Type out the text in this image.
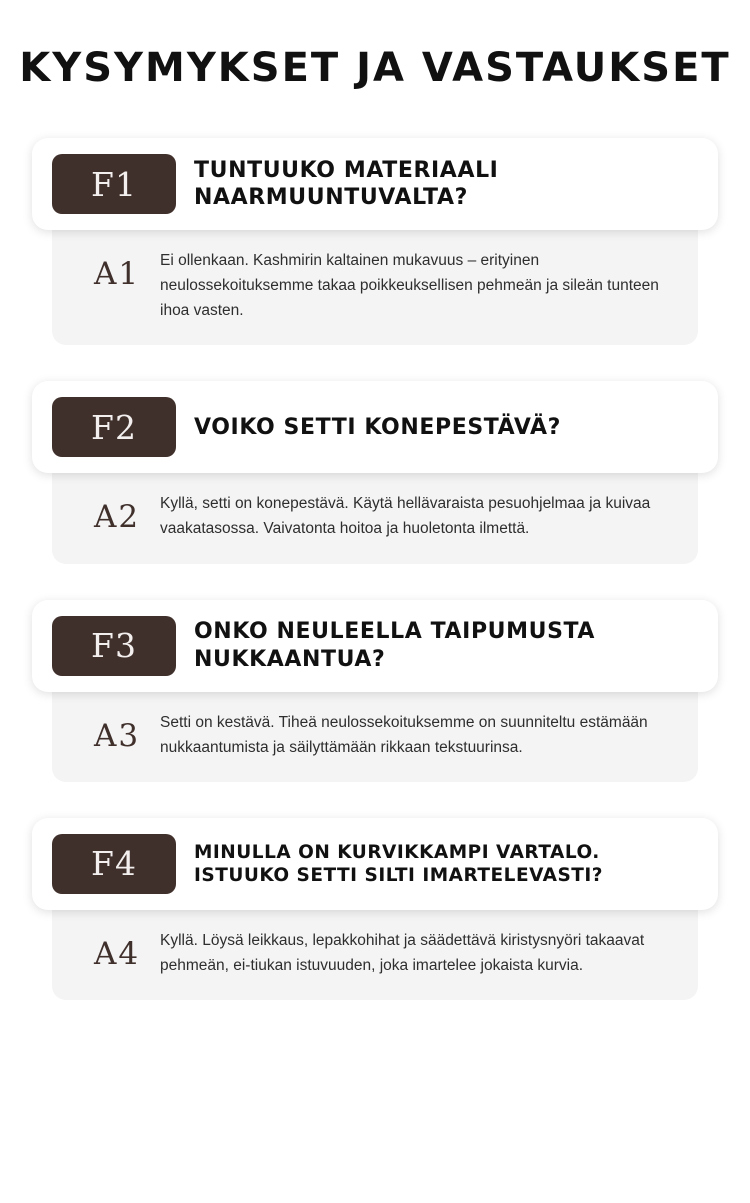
KYSYMYKSET JA VASTAUKSET
F1	TUNTUUKO MATERIAALI NAARMUUNTUVALTA?
A1	Ei ollenkaan. Kashmirin kaltainen mukavuus – erityinen neulossekoituksemme takaa poikkeuksellisen pehmeän ja sileän tunteen ihoa vasten.
F2	VOIKO SETTI KONEPESTÄVÄ?
A2	Kyllä, setti on konepestävä. Käytä hellävaraista pesuohjelmaa ja kuivaa vaakatasossa. Vaivatonta hoitoa ja huoletonta ilmettä.
F3	ONKO NEULEELLA TAIPUMUSTA NUKKAANTUA?
A3	Setti on kestävä. Tiheä neulossekoituksemme on suunniteltu estämään nukkaantumista ja säilyttämään rikkaan tekstuurinsa.
F4	MINULLA ON KURVIKKAMPI VARTALO. ISTUUKO SETTI SILTI IMARTELEVASTI?
A4	Kyllä. Löysä leikkaus, lepakkohihat ja säädettävä kiristysnyöri takaavat pehmeän, ei-tiukan istuvuuden, joka imartelee jokaista kurvia.
